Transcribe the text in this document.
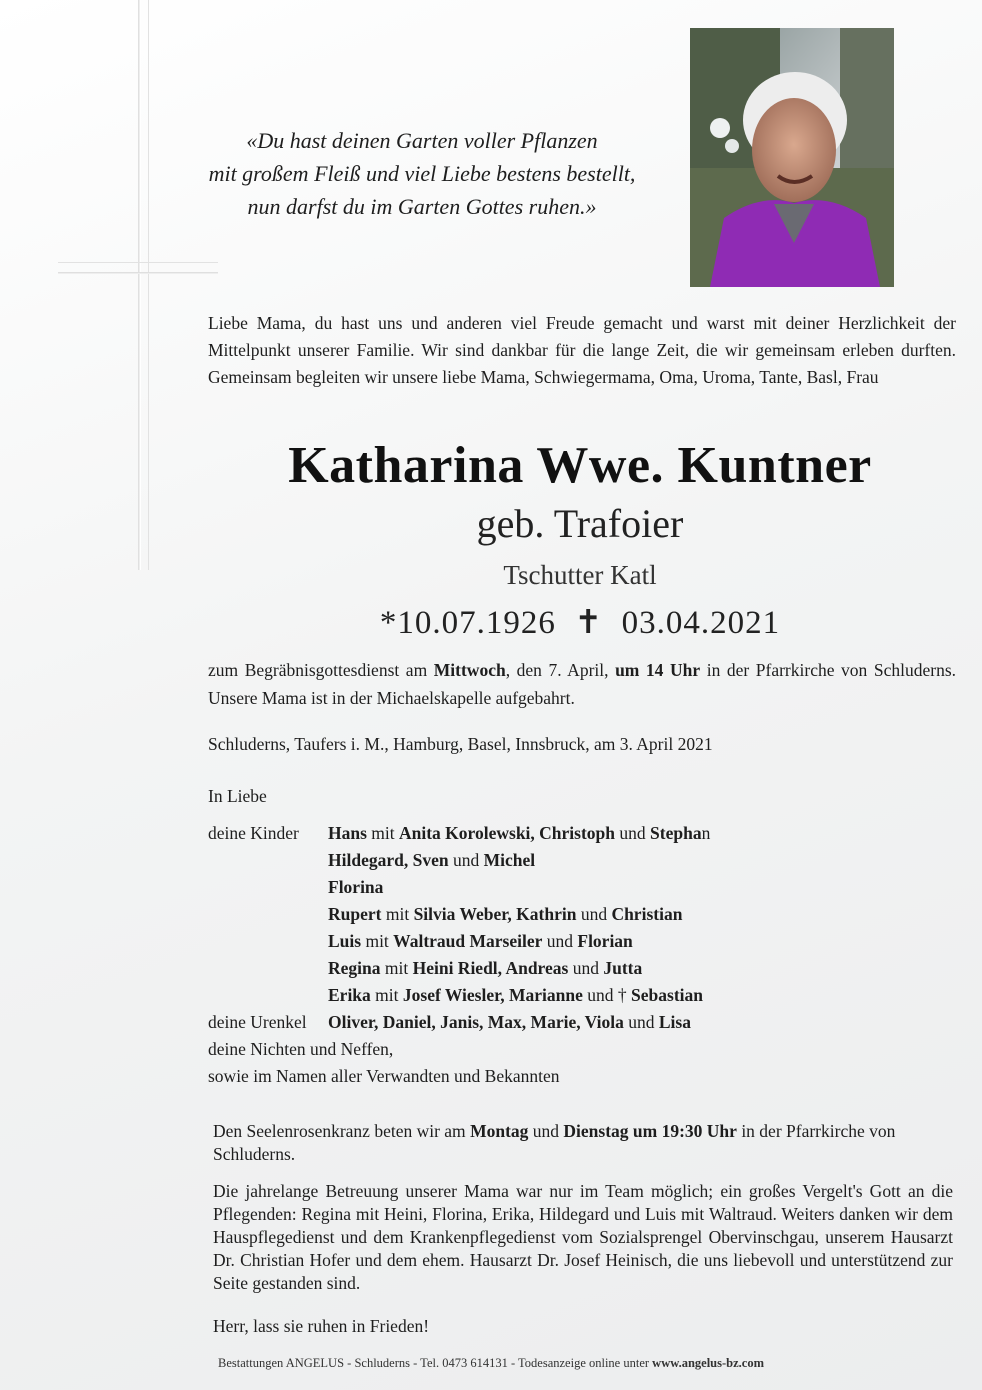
«Du hast deinen Garten voller Pflanzen
mit großem Fleiß und viel Liebe bestens bestellt,
nun darfst du im Garten Gottes ruhen.»
Liebe Mama, du hast uns und anderen viel Freude gemacht und warst mit deiner Herzlichkeit der Mittelpunkt unserer Familie. Wir sind dankbar für die lange Zeit, die wir gemeinsam erleben durften. Gemeinsam begleiten wir unsere liebe Mama, Schwiegermama, Oma, Uroma, Tante, Basl, Frau
Katharina Wwe. Kuntner
geb. Trafoier
Tschutter Katl
*10.07.1926 ✝ 03.04.2021
zum Begräbnisgottesdienst am Mittwoch, den 7. April, um 14 Uhr in der Pfarrkirche von Schluderns. Unsere Mama ist in der Michaelskapelle aufgebahrt.
Schluderns, Taufers i. M., Hamburg, Basel, Innsbruck, am 3. April 2021
In Liebe
deine Kinder	Hans mit Anita Korolewski, Christoph und Stephan
Hildegard, Sven und Michel
Florina
Rupert mit Silvia Weber, Kathrin und Christian
Luis mit Waltraud Marseiler und Florian
Regina mit Heini Riedl, Andreas und Jutta
Erika mit Josef Wiesler, Marianne und † Sebastian
deine Urenkel	Oliver, Daniel, Janis, Max, Marie, Viola und Lisa
deine Nichten und Neffen,
sowie im Namen aller Verwandten und Bekannten
Den Seelenrosenkranz beten wir am Montag und Dienstag um 19:30 Uhr in der Pfarrkirche von Schluderns.
Die jahrelange Betreuung unserer Mama war nur im Team möglich; ein großes Vergelt's Gott an die Pflegenden: Regina mit Heini, Florina, Erika, Hildegard und Luis mit Waltraud. Weiters danken wir dem Hauspflegedienst und dem Krankenpflegedienst vom Sozialsprengel Obervinschgau, unserem Hausarzt Dr. Christian Hofer und dem ehem. Hausarzt Dr. Josef Heinisch, die uns liebevoll und unterstützend zur Seite gestanden sind.
Herr, lass sie ruhen in Frieden!
Bestattungen ANGELUS - Schluderns - Tel. 0473 614131 - Todesanzeige online unter www.angelus-bz.com
